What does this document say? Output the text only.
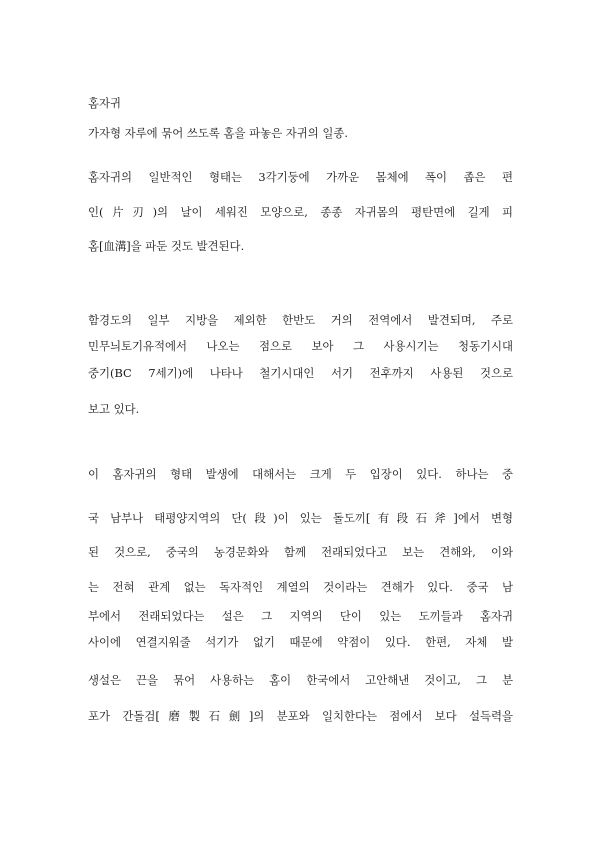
홈자귀
가자형 자루에 묶어 쓰도록 홈을 파놓은 자귀의 일종.
홈자귀의 일반적인 형태는 3각기둥에 가까운 몸체에 폭이 좁은 편
인(片刃)의 날이 세워진 모양으로, 종종 자귀몸의 평탄면에 길게 피
홈[血溝]을 파둔 것도 발견된다.
함경도의 일부 지방을 제외한 한반도 거의 전역에서 발견되며, 주로
민무늬토기유적에서 나오는 점으로 보아 그 사용시기는 청동기시대
중기(BC 7세기)에 나타나 철기시대인 서기 전후까지 사용된 것으로
보고 있다.
이 홈자귀의 형태 발생에 대해서는 크게 두 입장이 있다. 하나는 중
국 남부나 태평양지역의 단(段)이 있는 돌도끼[有段石斧]에서 변형
된 것으로, 중국의 농경문화와 함께 전래되었다고 보는 견해와, 이와
는 전혀 관계 없는 독자적인 계열의 것이라는 견해가 있다. 중국 남
부에서 전래되었다는 설은 그 지역의 단이 있는 도끼들과 홈자귀
사이에 연결지워줄 석기가 없기 때문에 약점이 있다. 한편, 자체 발
생설은 끈을 묶어 사용하는 홈이 한국에서 고안해낸 것이고, 그 분
포가 간돌검[磨製石劍]의 분포와 일치한다는 점에서 보다 설득력을
